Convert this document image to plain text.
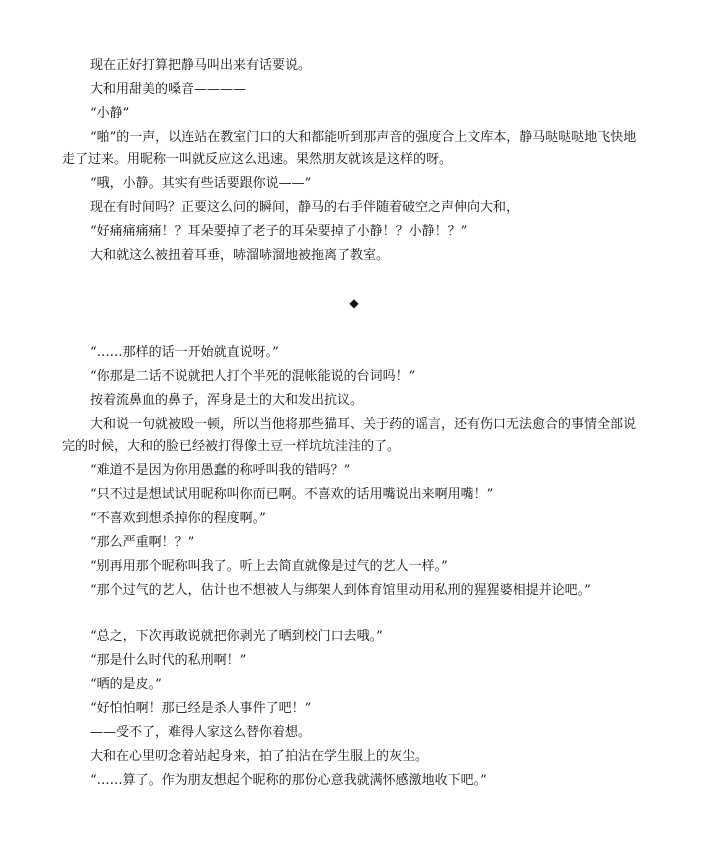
现在正好打算把静马叫出来有话要说。

大和用甜美的嗓音————

“小静”

“啪”的一声，以连站在教室门口的大和都能听到那声音的强度合上文库本，静马哒哒哒地飞快地走了过来。用昵称一叫就反应这么迅速。果然朋友就该是这样的呀。

“哦，小静。其实有些话要跟你说——”

现在有时间吗？正要这么问的瞬间，静马的右手伴随着破空之声伸向大和，

“好痛痛痛痛！？耳朵要掉了老子的耳朵要掉了小静！？小静！？”

大和就这么被扭着耳垂，哧溜哧溜地被拖离了教室。

◆

“……那样的话一开始就直说呀。”

“你那是二话不说就把人打个半死的混帐能说的台词吗！”

按着流鼻血的鼻子，浑身是土的大和发出抗议。

大和说一句就被殴一顿，所以当他将那些猫耳、关于药的谣言，还有伤口无法愈合的事情全部说完的时候，大和的脸已经被打得像土豆一样坑坑洼洼的了。

“难道不是因为你用愚蠢的称呼叫我的错吗？”

“只不过是想试试用昵称叫你而已啊。不喜欢的话用嘴说出来啊用嘴！”

“不喜欢到想杀掉你的程度啊。”

“那么严重啊！？”

“别再用那个昵称叫我了。听上去简直就像是过气的艺人一样。”

“那个过气的艺人，估计也不想被人与绑架人到体育馆里动用私刑的猩猩婆相提并论吧。”

“总之，下次再敢说就把你剥光了晒到校门口去哦。”

“那是什么时代的私刑啊！”

“晒的是皮。”

“好怕怕啊！那已经是杀人事件了吧！”

——受不了，难得人家这么替你着想。

大和在心里叨念着站起身来，拍了拍沾在学生服上的灰尘。

“……算了。作为朋友想起个昵称的那份心意我就满怀感激地收下吧。”
